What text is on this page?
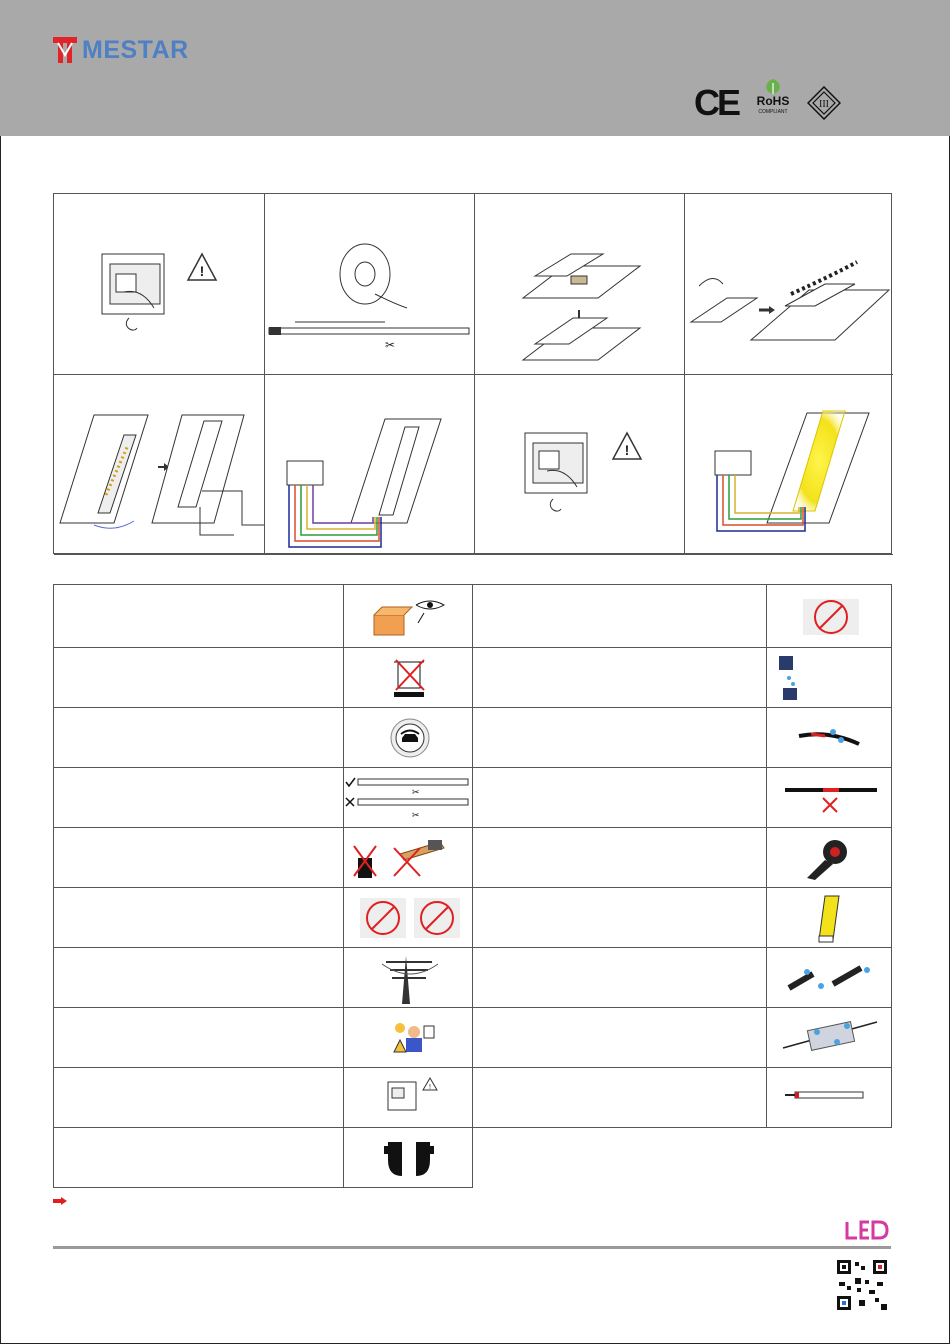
MESTAR
CE	RoHS
COMPLIANT
III
!
✂
!
✂
✂
!
